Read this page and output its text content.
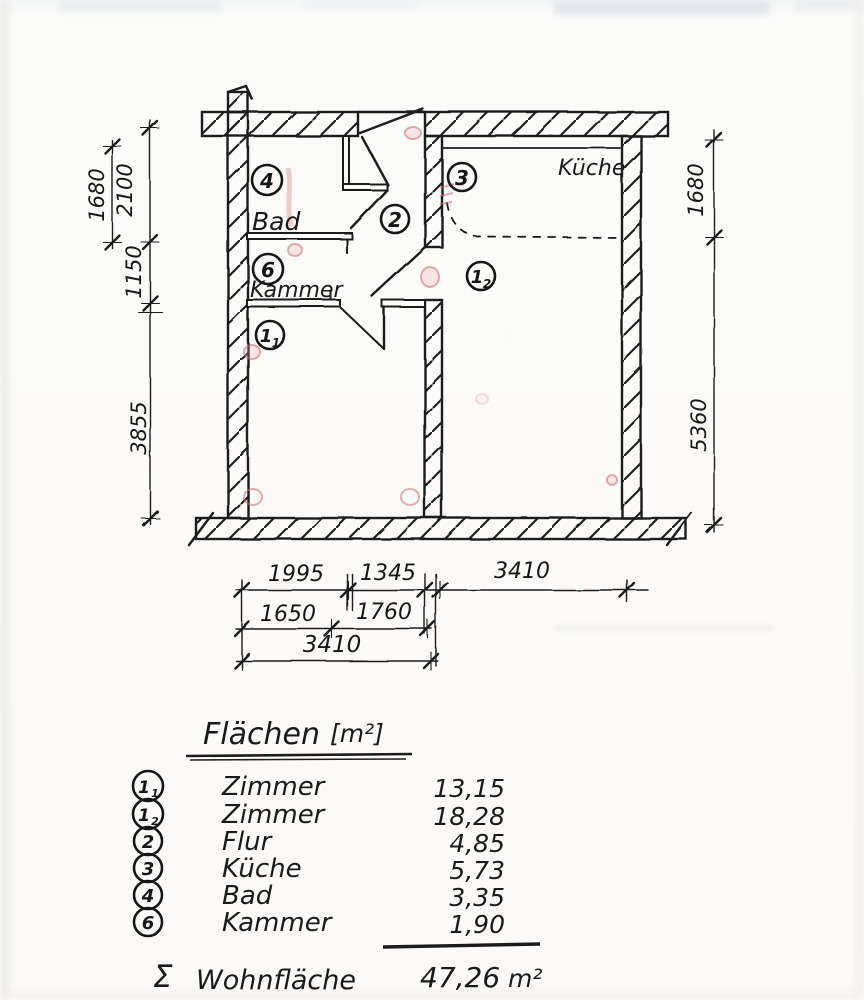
4
Bad
6
Kammer
2
3	Küche
1 1
1 2
1680 2100
1150
3855
1680
5360
1995 1345	3410
1650 1760
3410
Flächen [m²]
1 1 Zimmer	13,15
1 2 Zimmer	18,28
2	Flur	4,85
3	Küche	5,73
4	Bad	3,35
6	Kammer	1,90
Σ Wohnfläche 47,26 m²
